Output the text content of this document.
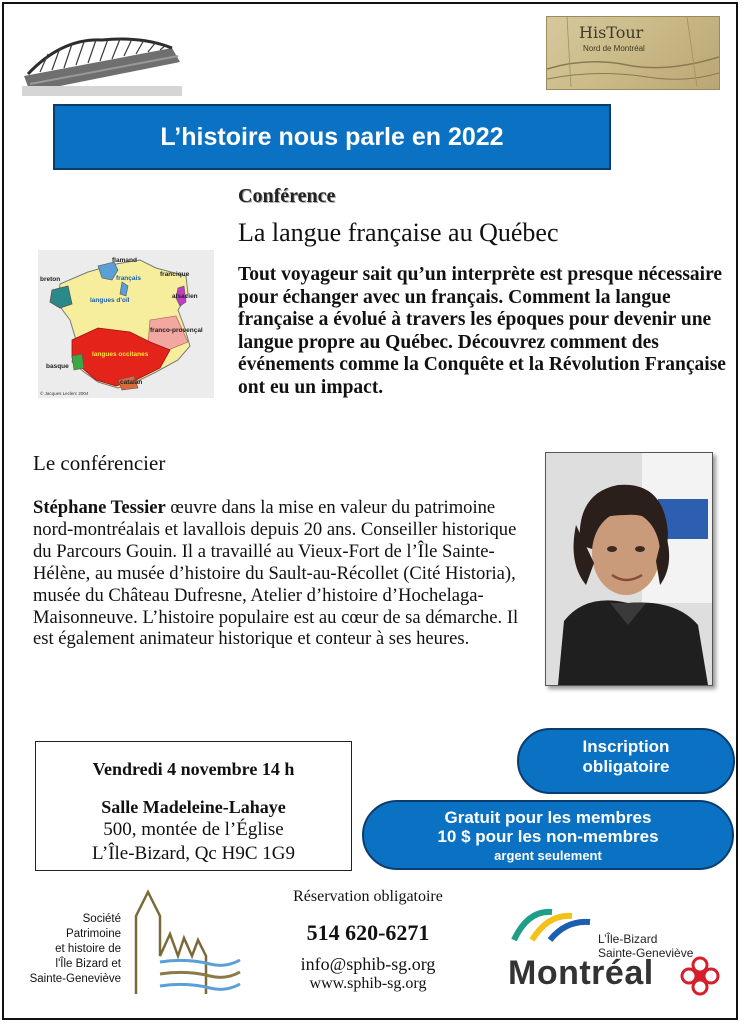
HisTour
Nord de Montréal
L’histoire nous parle en 2022
Conférence
La langue française au Québec
breton
flamand
français
francique
langues d'oïl
alsacien
franco-provençal
langues occitanes
basque
catalan
© Jacques Leclerc 2004
Tout voyageur sait qu’un interprète est presque nécessaire pour échanger avec un français. Comment la langue française a évolué à travers les époques pour devenir une langue propre au Québec. Découvrez comment des événements comme la Conquête et la Révolution Française ont eu un impact.
Le conférencier
Stéphane Tessier œuvre dans la mise en valeur du patrimoine nord-montréalais et lavallois depuis 20 ans. Conseiller historique du Parcours Gouin. Il a travaillé au Vieux-Fort de l’Île Sainte-Hélène, au musée d’histoire du Sault-au-Récollet (Cité Historia), musée du Château Dufresne, Atelier d’histoire d’Hochelaga-Maisonneuve. L’histoire populaire est au cœur de sa démarche. Il est également animateur historique et conteur à ses heures.
Vendredi 4 novembre 14 h
Salle Madeleine-Lahaye
500, montée de l’Église
L’Île-Bizard, Qc H9C 1G9
Inscription
obligatoire
Gratuit pour les membres
10 $ pour les non-membres
argent seulement
Société
Patrimoine
et histoire de
l'Île Bizard et
Sainte-Geneviève
Réservation obligatoire
514 620-6271
info@sphib-sg.org
www.sphib-sg.org
L’Île-Bizard
Sainte-Geneviève
Montréal
